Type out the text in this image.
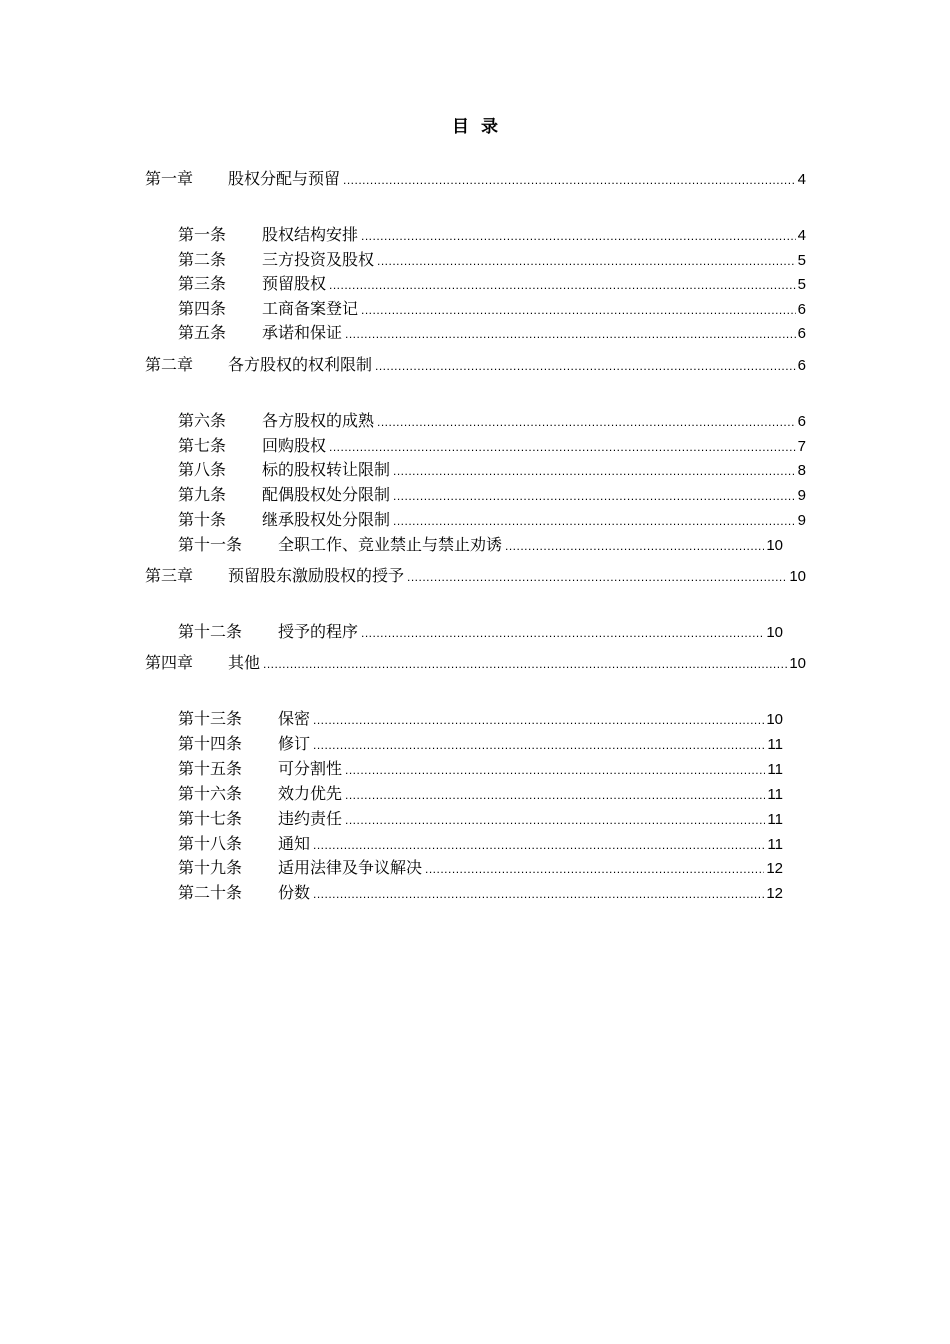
目 录
第一章	股权分配与预留 .....	4
第一条	股权结构安排 .....	4
第二条	三方投资及股权 .....	5
第三条	预留股权 .....	5
第四条	工商备案登记 .....	6
第五条	承诺和保证 .....	6
第二章	各方股权的权利限制 .....	6
第六条	各方股权的成熟 .....	6
第七条	回购股权 .....	7
第八条	标的股权转让限制 .....	8
第九条	配偶股权处分限制 .....	9
第十条	继承股权处分限制 .....	9
第十一条	全职工作、竞业禁止与禁止劝诱 .....	10
第三章	预留股东激励股权的授予 .....	10
第十二条	授予的程序 .....	10
第四章	其他 .....	10
第十三条	保密 .....	10
第十四条	修订 .....	11
第十五条	可分割性 .....	11
第十六条	效力优先 .....	11
第十七条	违约责任 .....	11
第十八条	通知 .....	11
第十九条	适用法律及争议解决 .....	12
第二十条	份数 .....	12
